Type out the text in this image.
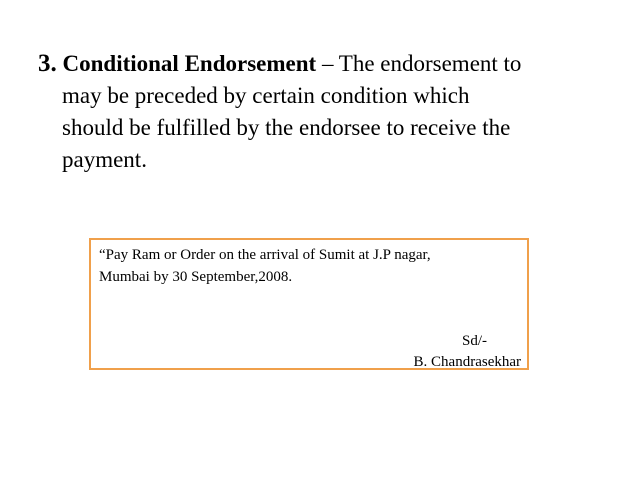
3. Conditional Endorsement – The endorsement to
may be preceded by certain condition which
should be fulfilled by the endorsee to receive the
payment.

“Pay Ram or Order on the arrival of Sumit at J.P nagar,
Mumbai by 30 September,2008.
Sd/-
B. Chandrasekhar
